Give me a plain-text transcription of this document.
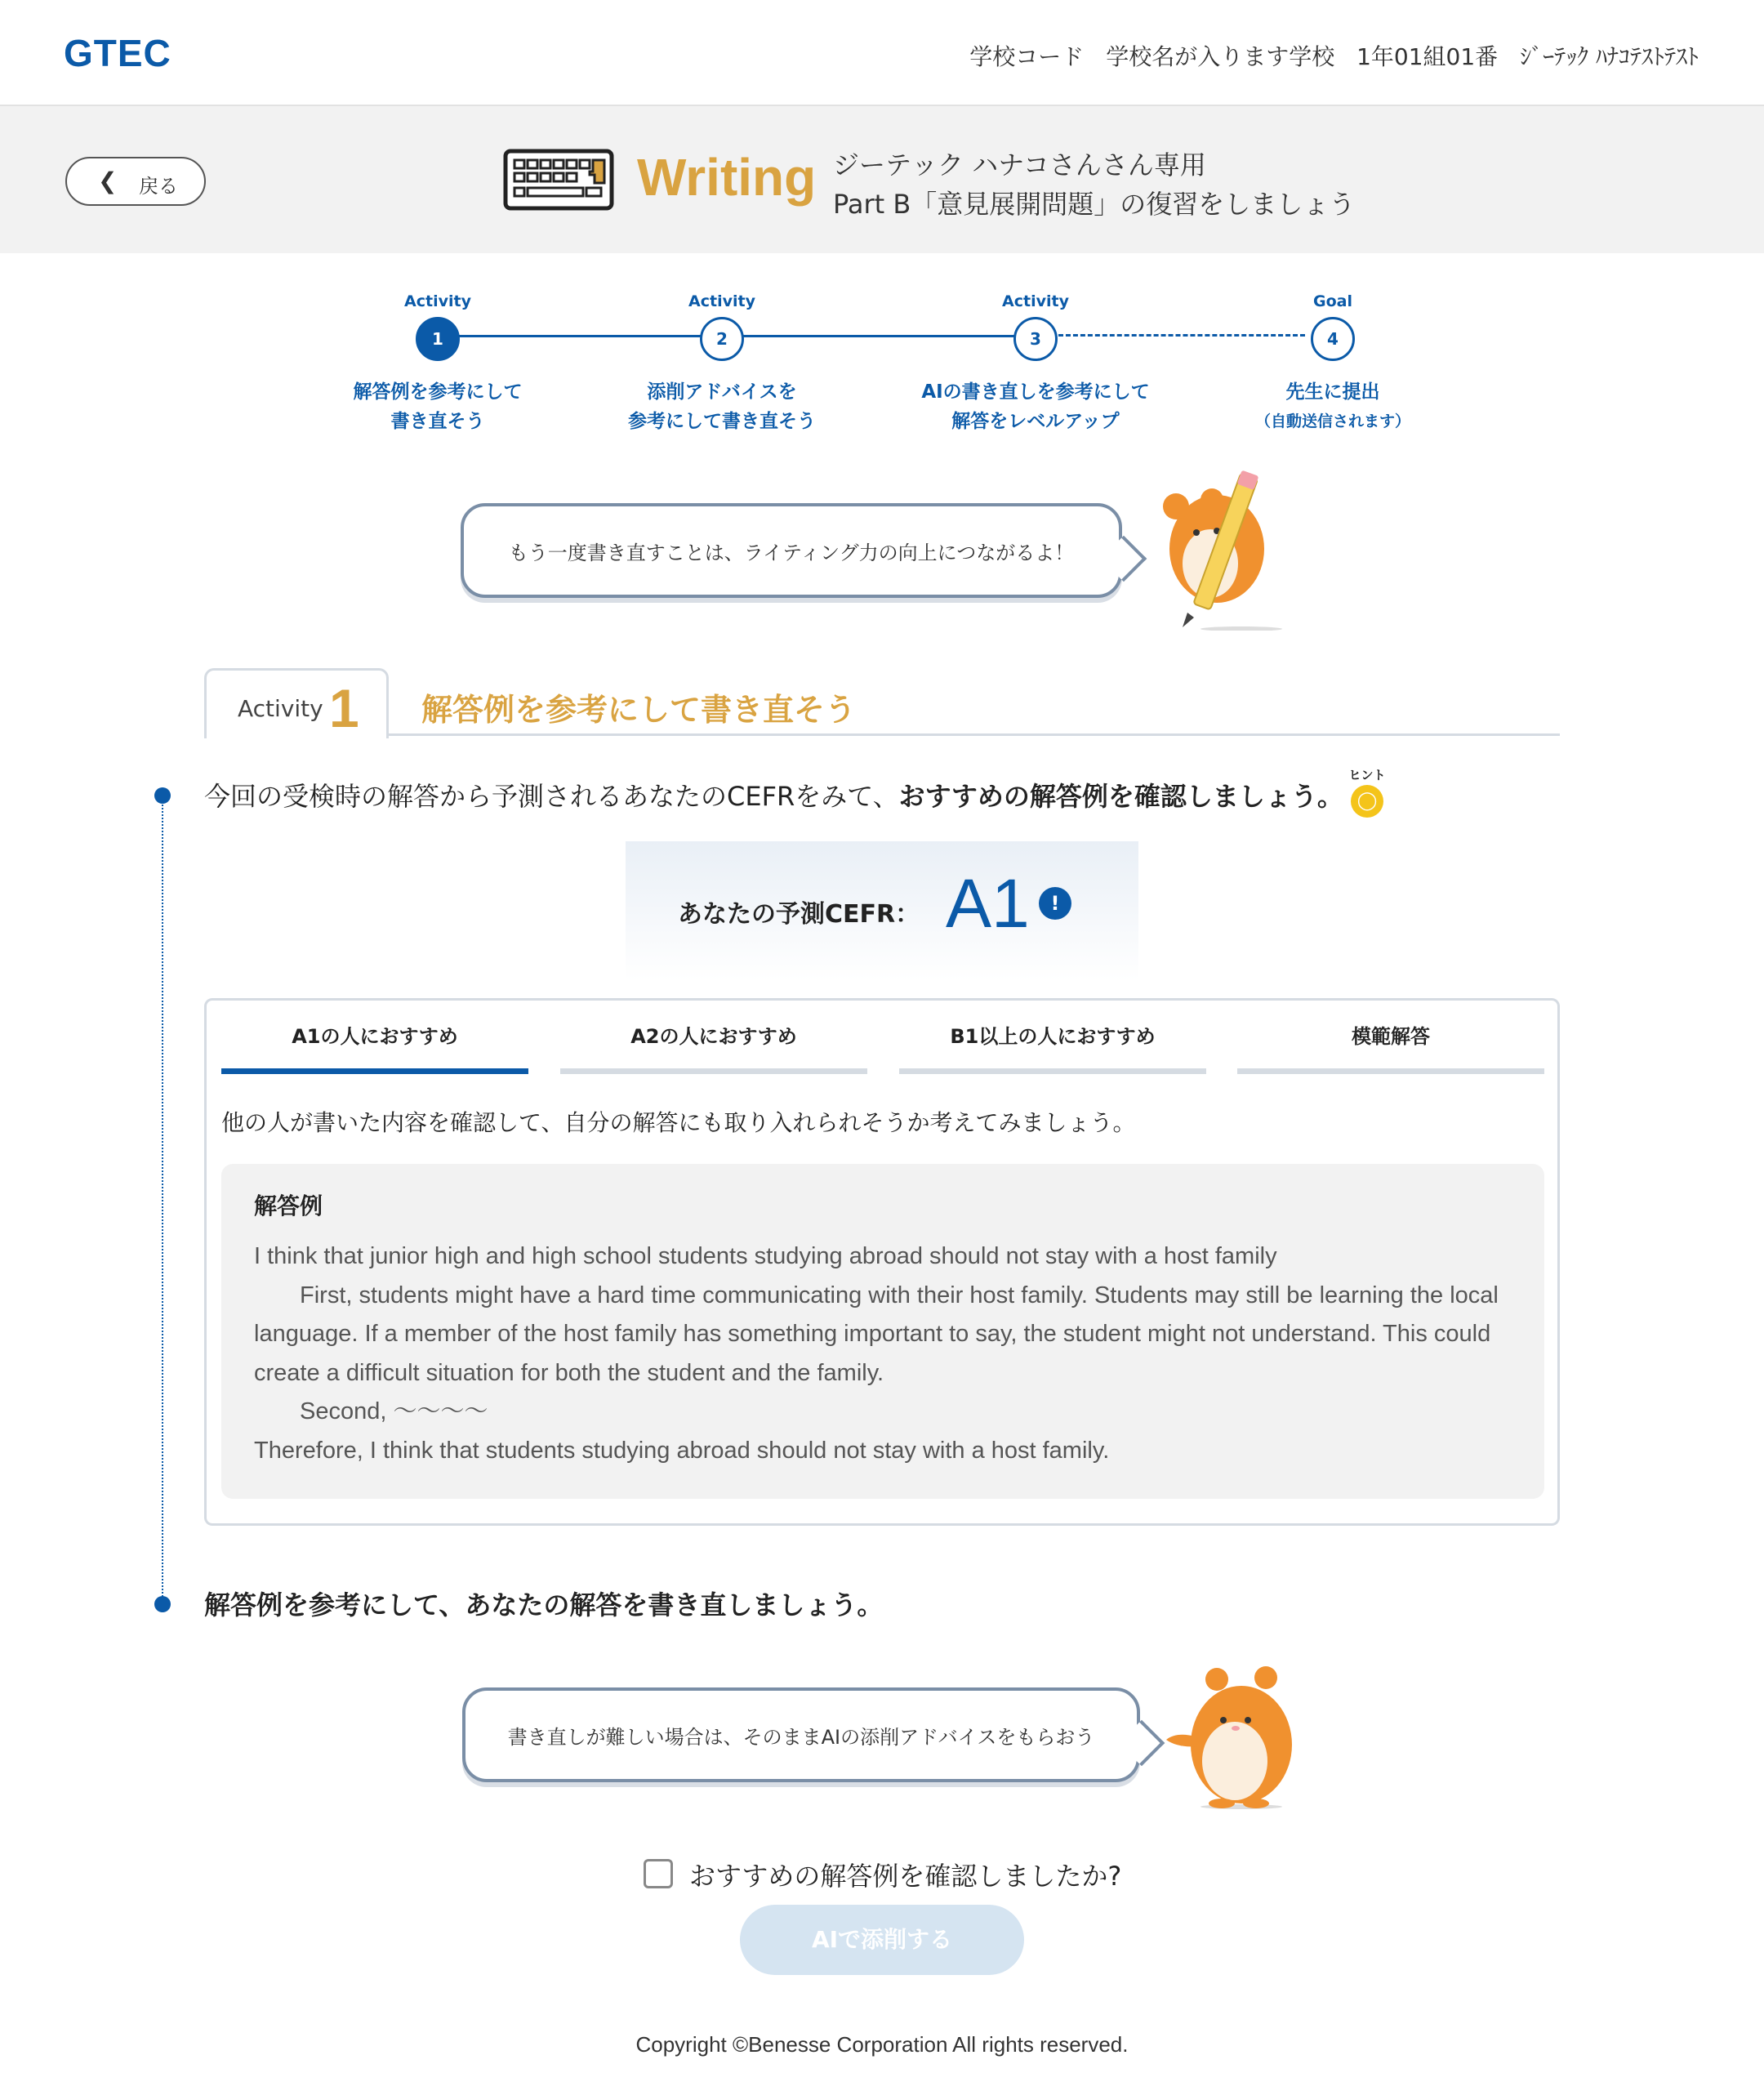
GTEC	学校コード 学校名が入ります学校 1年01組01番 ｼﾞｰﾃｯｸ ﾊﾅｺﾃｽﾄﾃｽﾄ
❮ 戻る	Writing ジーテック ハナコさんさん専用
Part B「意見展開問題」の復習をしましょう
Activity
1
解答例を参考にして
書き直そう
Activity
2
添削アドバイスを
参考にして書き直そう
Activity
3
AIの書き直しを参考にして
解答をレベルアップ
Goal
4
先生に提出
（自動送信されます）
もう一度書き直すことは、ライティング力の向上につながるよ！
Activity 1 解答例を参考にして書き直そう
今回の受検時の解答から予測されるあなたのCEFRをみて、おすすめの解答例を確認しましょう。
ヒント
◯
あなたの予測CEFR： A1	!
A1の人におすすめ	A2の人におすすめ	B1以上の人におすすめ	模範解答
他の人が書いた内容を確認して、自分の解答にも取り入れられそうか考えてみましょう。
解答例
I think that junior high and high school students studying abroad should not stay with a host family
First, students might have a hard time communicating with their host family. Students may still be learning the local language. If a member of the host family has something important to say, the student might not understand. This could create a difficult situation for both the student and the family.
Second, 〜〜〜〜
Therefore, I think that students studying abroad should not stay with a host family.
解答例を参考にして、あなたの解答を書き直しましょう。
書き直しが難しい場合は、そのままAIの添削アドバイスをもらおう
おすすめの解答例を確認しましたか?
AIで添削する
Copyright ©Benesse Corporation All rights reserved.
